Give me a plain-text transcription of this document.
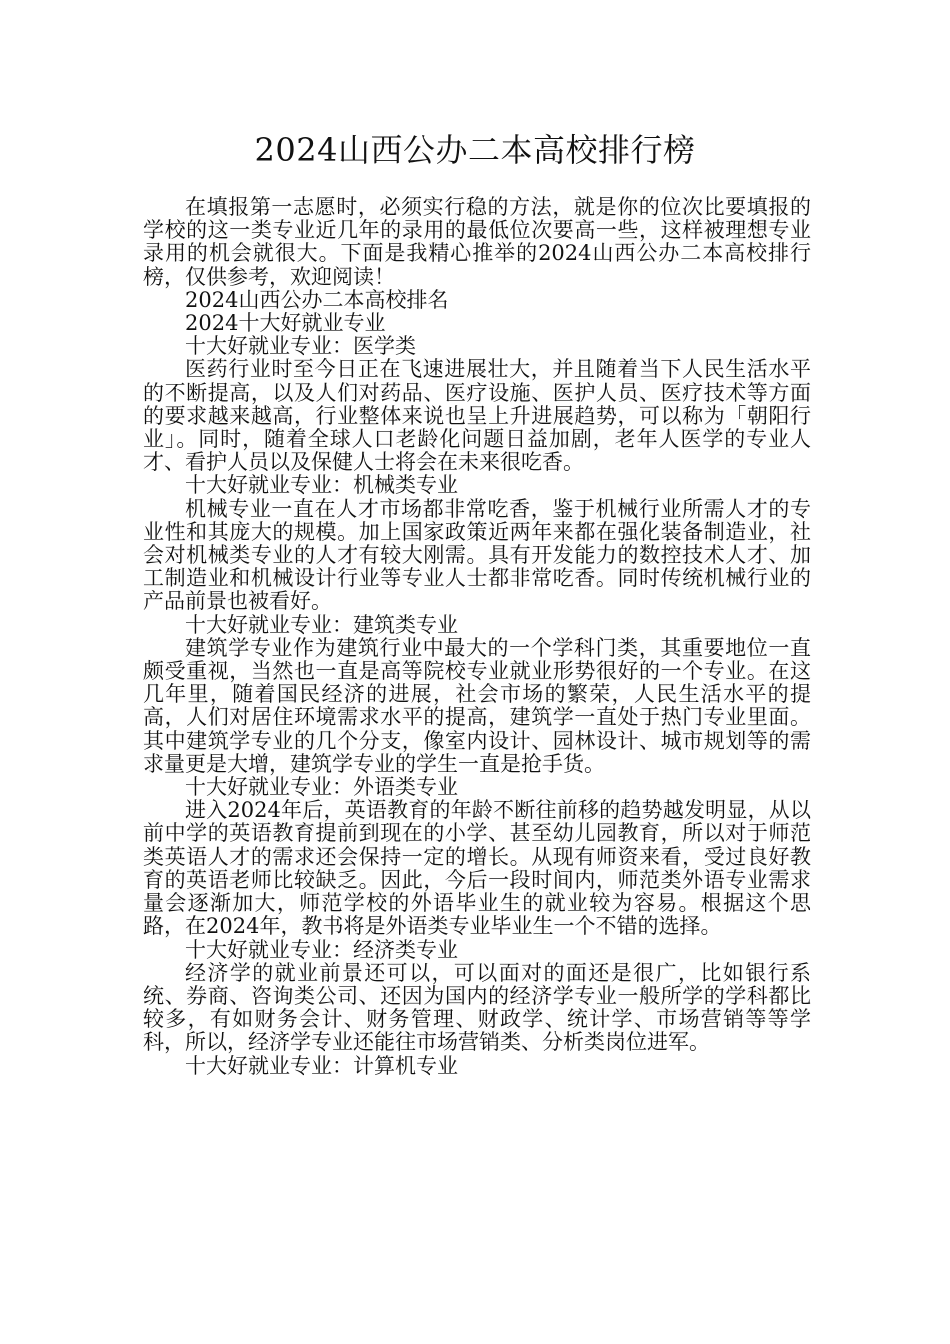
2024山西公办二本高校排行榜

在填报第一志愿时，必须实行稳的方法，就是你的位次比要填报的学校的这一类专业近几年的录用的最低位次要高一些，这样被理想专业录用的机会就很大。下面是我精心推举的2024山西公办二本高校排行榜，仅供参考，欢迎阅读！

2024山西公办二本高校排名

2024十大好就业专业

十大好就业专业：医学类

医药行业时至今日正在飞速进展壮大，并且随着当下人民生活水平的不断提高，以及人们对药品、医疗设施、医护人员、医疗技术等方面的要求越来越高，行业整体来说也呈上升进展趋势，可以称为「朝阳行业」。同时，随着全球人口老龄化问题日益加剧，老年人医学的专业人才、看护人员以及保健人士将会在未来很吃香。

十大好就业专业：机械类专业

机械专业一直在人才市场都非常吃香，鉴于机械行业所需人才的专业性和其庞大的规模。加上国家政策近两年来都在强化装备制造业，社会对机械类专业的人才有较大刚需。具有开发能力的数控技术人才、加工制造业和机械设计行业等专业人士都非常吃香。同时传统机械行业的产品前景也被看好。

十大好就业专业：建筑类专业

建筑学专业作为建筑行业中最大的一个学科门类，其重要地位一直颇受重视，当然也一直是高等院校专业就业形势很好的一个专业。在这几年里，随着国民经济的进展，社会市场的繁荣，人民生活水平的提高，人们对居住环境需求水平的提高，建筑学一直处于热门专业里面。其中建筑学专业的几个分支，像室内设计、园林设计、城市规划等的需求量更是大增，建筑学专业的学生一直是抢手货。

十大好就业专业：外语类专业

进入2024年后，英语教育的年龄不断往前移的趋势越发明显，从以前中学的英语教育提前到现在的小学、甚至幼儿园教育，所以对于师范类英语人才的需求还会保持一定的增长。从现有师资来看，受过良好教育的英语老师比较缺乏。因此，今后一段时间内，师范类外语专业需求量会逐渐加大，师范学校的外语毕业生的就业较为容易。根据这个思路，在2024年，教书将是外语类专业毕业生一个不错的选择。

十大好就业专业：经济类专业

经济学的就业前景还可以，可以面对的面还是很广，比如银行系统、券商、咨询类公司、还因为国内的经济学专业一般所学的学科都比较多，有如财务会计、财务管理、财政学、统计学、市场营销等等学科，所以，经济学专业还能往市场营销类、分析类岗位进军。

十大好就业专业：计算机专业
